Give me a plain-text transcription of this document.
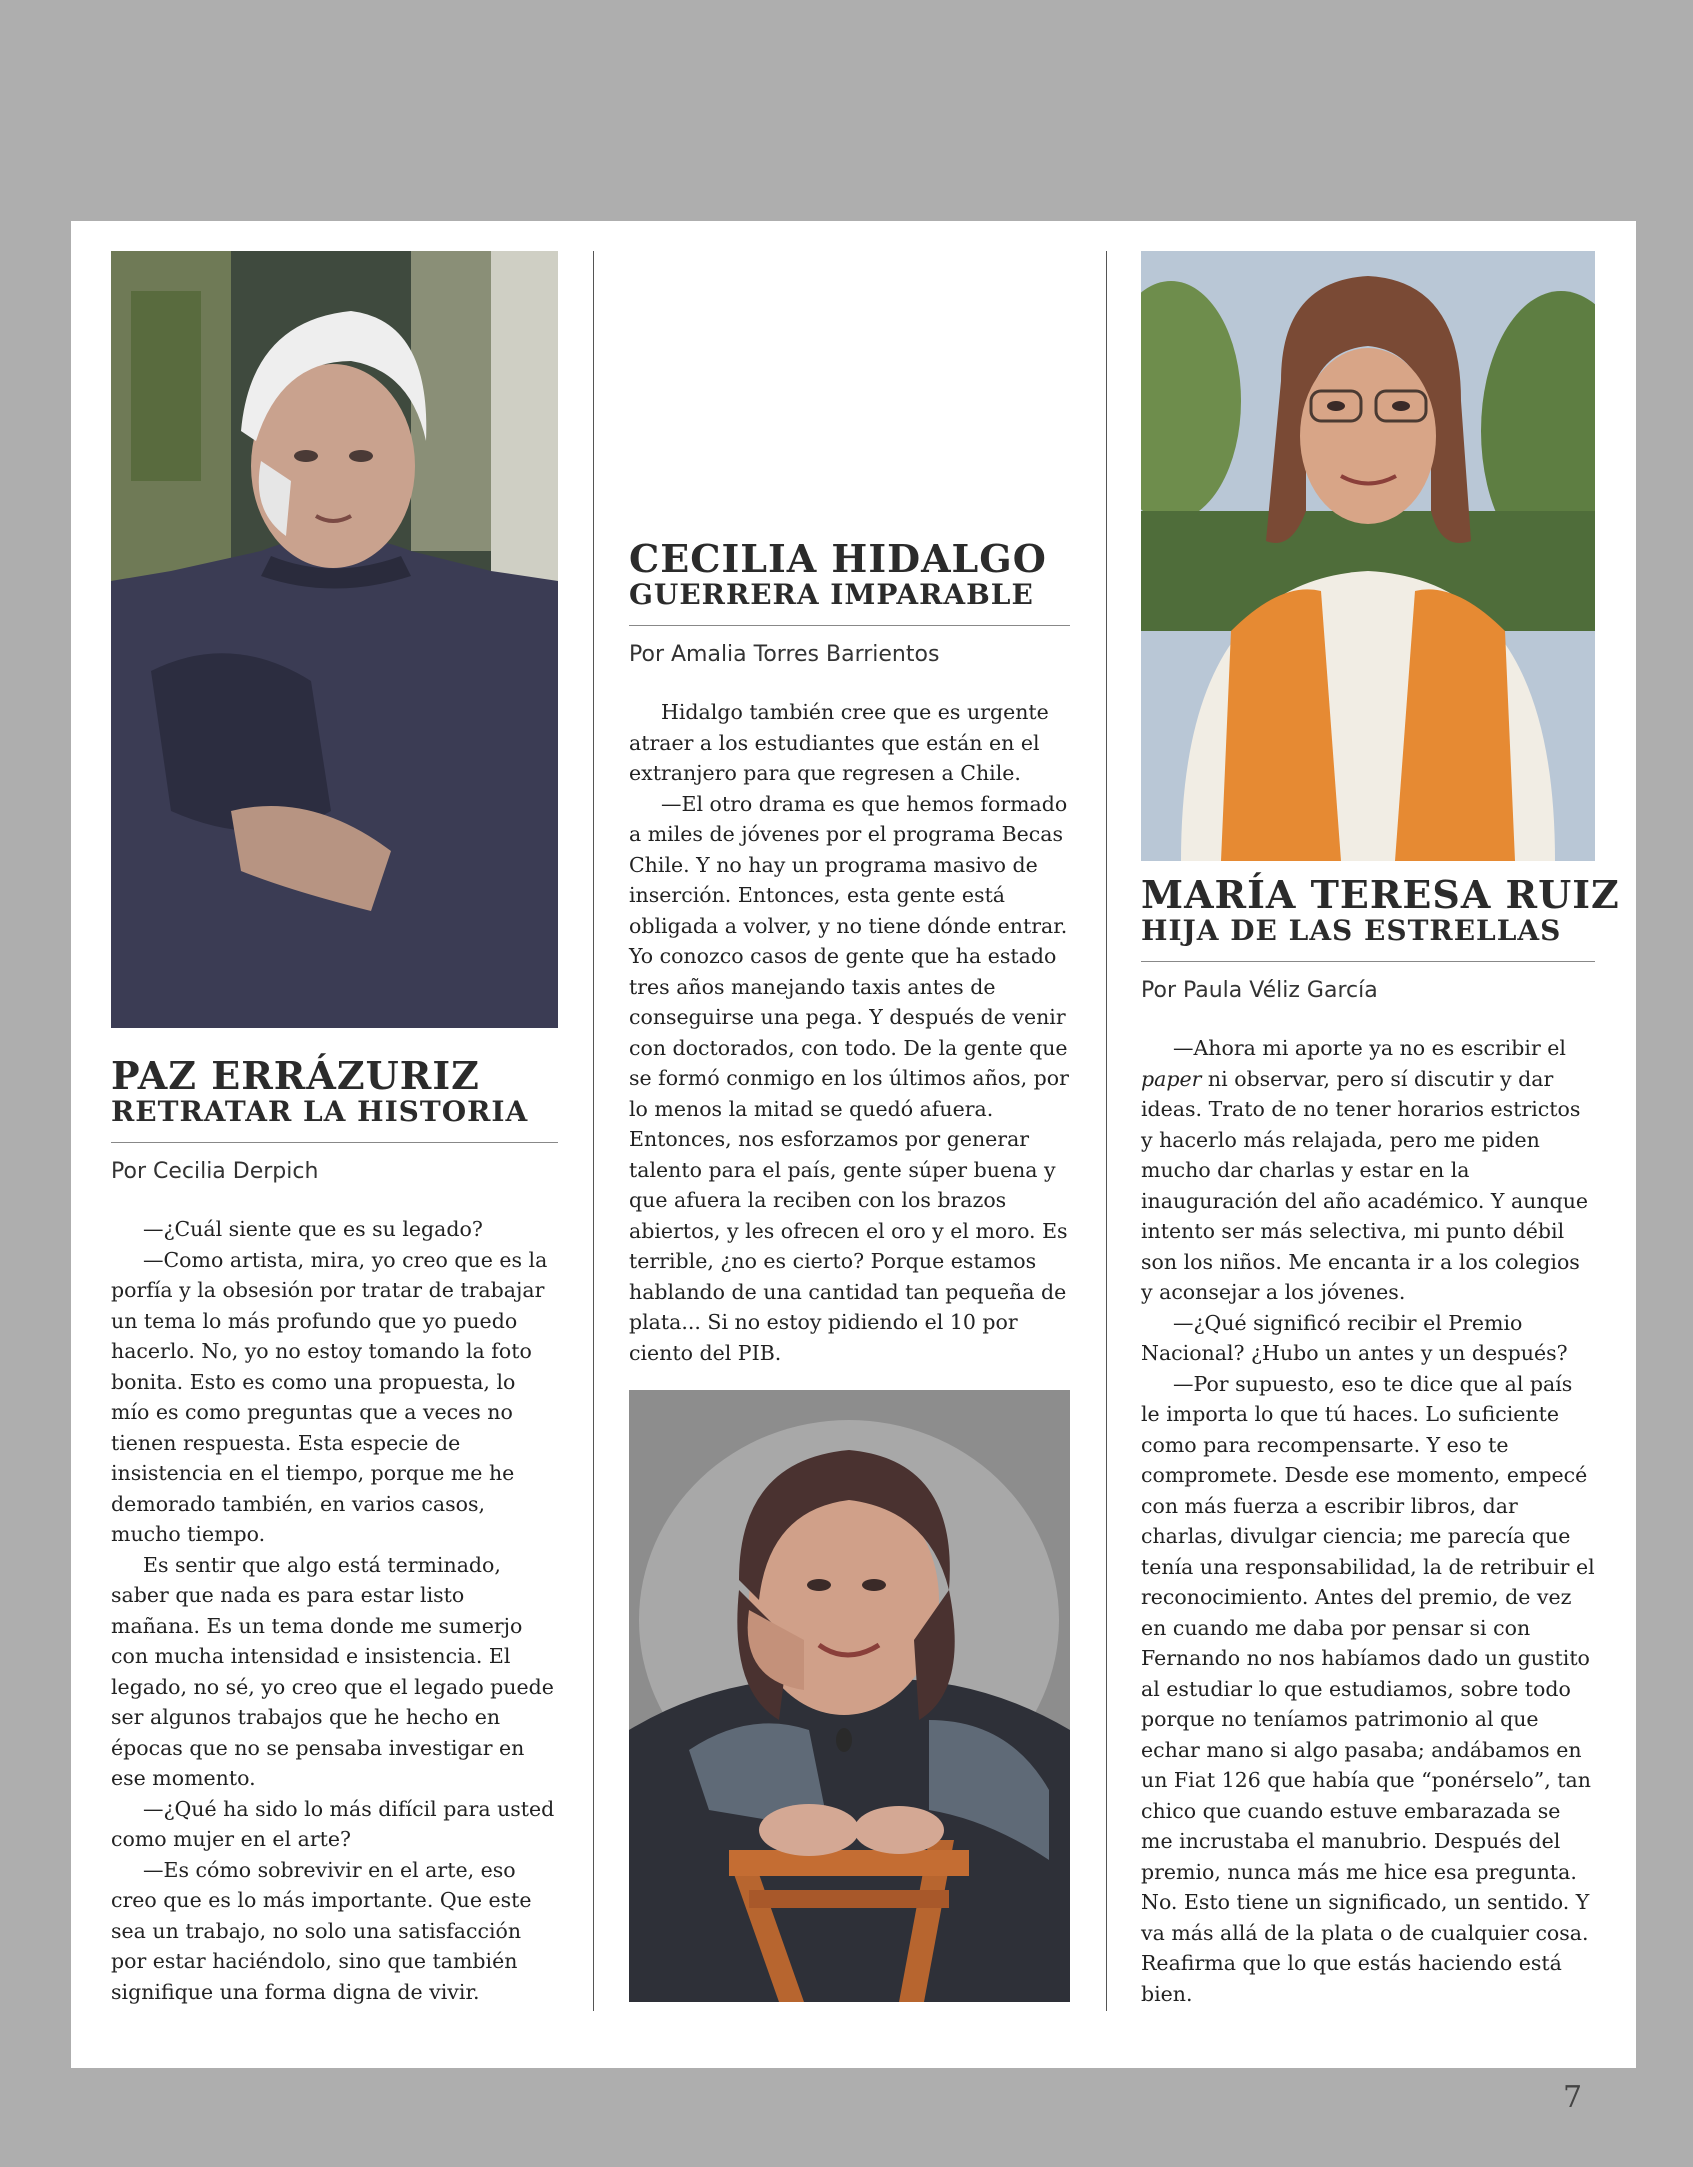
PAZ ERRÁZURIZ
RETRATAR LA HISTORIA

Por Cecilia Derpich

—¿Cuál siente que es su legado?

—Como artista, mira, yo creo que es la porfía y la obsesión por tratar de trabajar un tema lo más profundo que yo puedo hacerlo. No, yo no estoy tomando la foto bonita. Esto es como una propuesta, lo mío es como preguntas que a veces no tienen respuesta. Esta especie de insistencia en el tiempo, porque me he demorado también, en varios casos, mucho tiempo.

Es sentir que algo está terminado, saber que nada es para estar listo mañana. Es un tema donde me sumerjo con mucha intensidad e insistencia. El legado, no sé, yo creo que el legado puede ser algunos trabajos que he hecho en épocas que no se pensaba investigar en ese momento.

—¿Qué ha sido lo más difícil para usted como mujer en el arte?

—Es cómo sobrevivir en el arte, eso creo que es lo más importante. Que este sea un trabajo, no solo una satisfacción por estar haciéndolo, sino que también signifique una forma digna de vivir.

CECILIA HIDALGO
GUERRERA IMPARABLE

Por Amalia Torres Barrientos

Hidalgo también cree que es urgente atraer a los estudiantes que están en el extranjero para que regresen a Chile.

—El otro drama es que hemos formado a miles de jóvenes por el programa Becas Chile. Y no hay un programa masivo de inserción. Entonces, esta gente está obligada a volver, y no tiene dónde entrar. Yo conozco casos de gente que ha estado tres años manejando taxis antes de conseguirse una pega. Y después de venir con doctorados, con todo. De la gente que se formó conmigo en los últimos años, por lo menos la mitad se quedó afuera. Entonces, nos esforzamos por generar talento para el país, gente súper buena y que afuera la reciben con los brazos abiertos, y les ofrecen el oro y el moro. Es terrible, ¿no es cierto? Porque estamos hablando de una cantidad tan pequeña de plata... Si no estoy pidiendo el 10 por ciento del PIB.

MARÍA TERESA RUIZ
HIJA DE LAS ESTRELLAS

Por Paula Véliz García

—Ahora mi aporte ya no es escribir el paper ni observar, pero sí discutir y dar ideas. Trato de no tener horarios estrictos y hacerlo más relajada, pero me piden mucho dar charlas y estar en la inauguración del año académico. Y aunque intento ser más selectiva, mi punto débil son los niños. Me encanta ir a los colegios y aconsejar a los jóvenes.

—¿Qué significó recibir el Premio Nacional? ¿Hubo un antes y un después?

—Por supuesto, eso te dice que al país le importa lo que tú haces. Lo suficiente como para recompensarte. Y eso te compromete. Desde ese momento, empecé con más fuerza a escribir libros, dar charlas, divulgar ciencia; me parecía que tenía una responsabilidad, la de retribuir el reconocimiento. Antes del premio, de vez en cuando me daba por pensar si con Fernando no nos habíamos dado un gustito al estudiar lo que estudiamos, sobre todo porque no teníamos patrimonio al que echar mano si algo pasaba; andábamos en un Fiat 126 que había que “ponérselo”, tan chico que cuando estuve embarazada se me incrustaba el manubrio. Después del premio, nunca más me hice esa pregunta. No. Esto tiene un significado, un sentido. Y va más allá de la plata o de cualquier cosa. Reafirma que lo que estás haciendo está bien.

7
